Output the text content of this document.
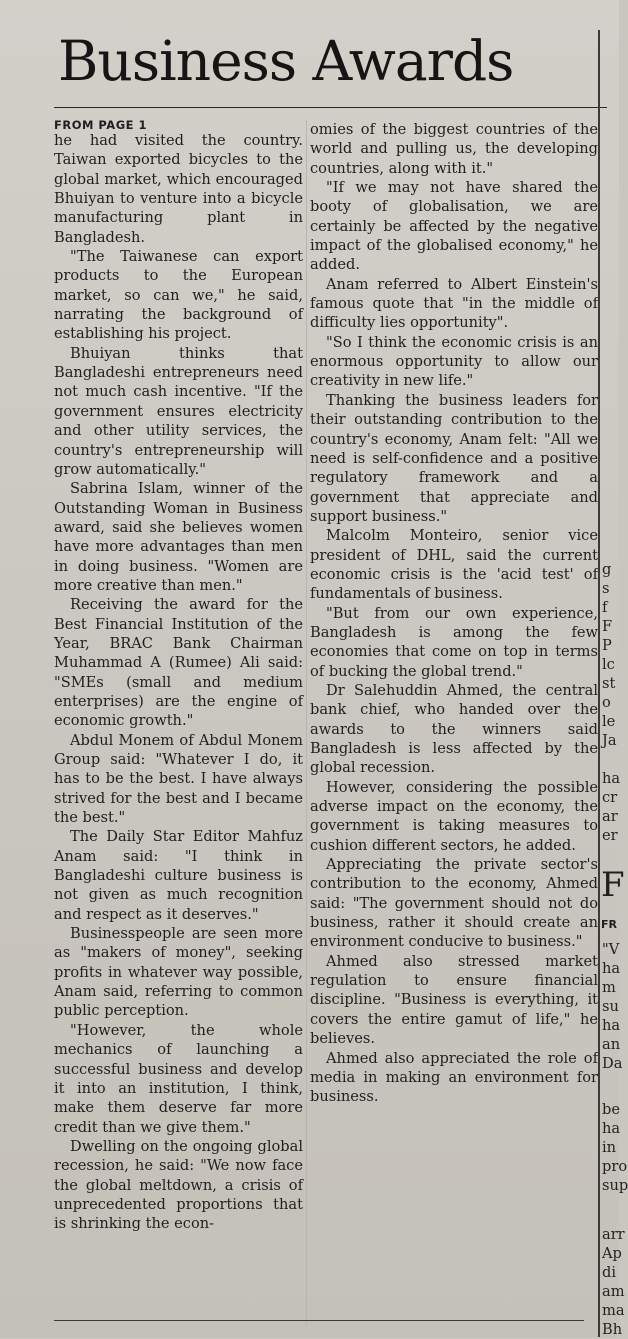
Business Awards
FROM PAGE 1

he had visited the country. Taiwan exported bicycles to the global market, which encouraged Bhuiyan to venture into a bicycle manufacturing plant in Bangladesh.

"The Taiwanese can export products to the European market, so can we," he said, narrating the background of establishing his project.

Bhuiyan thinks that Bangladeshi entrepreneurs need not much cash incentive. "If the government ensures electricity and other utility services, the country's entrepreneurship will grow automatically."

Sabrina Islam, winner of the Outstanding Woman in Business award, said she believes women have more advantages than men in doing business. "Women are more creative than men."

Receiving the award for the Best Financial Institution of the Year, BRAC Bank Chairman Muhammad A (Rumee) Ali said: "SMEs (small and medium enterprises) are the engine of economic growth."

Abdul Monem of Abdul Monem Group said: "Whatever I do, it has to be the best. I have always strived for the best and I became the best."

The Daily Star Editor Mahfuz Anam said: "I think in Bangladeshi culture business is not given as much recognition and respect as it deserves."

Businesspeople are seen more as "makers of money", seeking profits in whatever way possible, Anam said, referring to common public perception.

"However, the whole mechanics of launching a successful business and develop it into an institution, I think, make them deserve far more credit than we give them."

Dwelling on the ongoing global recession, he said: "We now face the global meltdown, a crisis of unprecedented proportions that is shrinking the econ-

omies of the biggest countries of the world and pulling us, the developing countries, along with it."

"If we may not have shared the booty of globalisation, we are certainly be affected by the negative impact of the globalised economy," he added.

Anam referred to Albert Einstein's famous quote that "in the middle of difficulty lies opportunity".

"So I think the economic crisis is an enormous opportunity to allow our creativity in new life."

Thanking the business leaders for their outstanding contribution to the country's economy, Anam felt: "All we need is self-confidence and a positive regulatory framework and a government that appreciate and support business."

Malcolm Monteiro, senior vice president of DHL, said the current economic crisis is the 'acid test' of fundamentals of business.

"But from our own experience, Bangladesh is among the few economies that come on top in terms of bucking the global trend."

Dr Salehuddin Ahmed, the central bank chief, who handed over the awards to the winners said Bangladesh is less affected by the global recession.

However, considering the possible adverse impact on the economy, the government is taking measures to cushion different sectors, he added.

Appreciating the private sector's contribution to the economy, Ahmed said: "The government should not do business, rather it should create an environment conducive to business."

Ahmed also stressed market regulation to ensure financial discipline. "Business is everything, it covers the entire gamut of life," he believes.

Ahmed also appreciated the role of media in making an environment for business.

g
s
f
F
P
lc
st
o
le
Ja
ha
cr
ar
er
"V
ha
m
su
ha
an
Da
be
ha
in
pro
sup
arr
Ap
di
am
ma
Bh
F
FR
